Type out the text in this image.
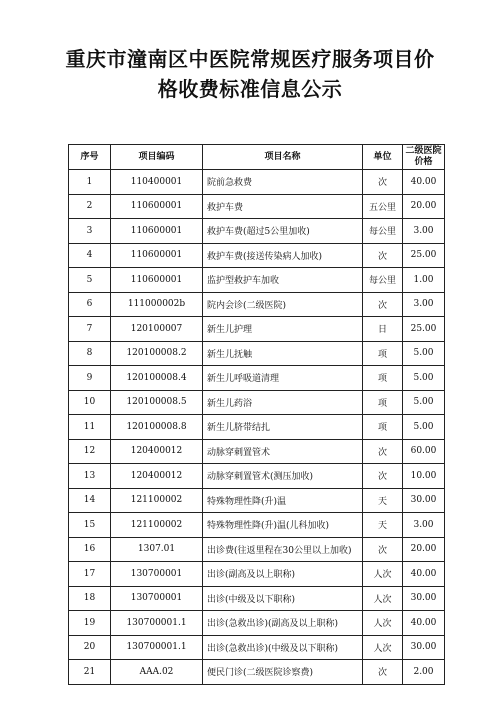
重庆市潼南区中医院常规医疗服务项目价
格收费标准信息公示
序号	项目编码	项目名称	单位	二级医院价格
1	110400001	院前急救费	次	40.00
2	110600001	救护车费	五公里	20.00
3	110600001	救护车费(超过5公里加收)	每公里	3.00
4	110600001	救护车费(接送传染病人加收)	次	25.00
5	110600001	监护型救护车加收	每公里	1.00
6	111000002b	院内会诊(二级医院)	次	3.00
7	120100007	新生儿护理	日	25.00
8	120100008.2	新生儿抚触	项	5.00
9	120100008.4	新生儿呼吸道清理	项	5.00
10	120100008.5	新生儿药浴	项	5.00
11	120100008.8	新生儿脐带结扎	项	5.00
12	120400012	动脉穿刺置管术	次	60.00
13	120400012	动脉穿刺置管术(测压加收)	次	10.00
14	121100002	特殊物理性降(升)温	天	30.00
15	121100002	特殊物理性降(升)温(儿科加收)	天	3.00
16	1307.01	出诊费(往返里程在30公里以上加收)	次	20.00
17	130700001	出诊(副高及以上职称)	人次	40.00
18	130700001	出诊(中级及以下职称)	人次	30.00
19	130700001.1	出诊(急救出诊)(副高及以上职称)	人次	40.00
20	130700001.1	出诊(急救出诊)(中级及以下职称)	人次	30.00
21	AAA.02	便民门诊(二级医院诊察费)	次	2.00
